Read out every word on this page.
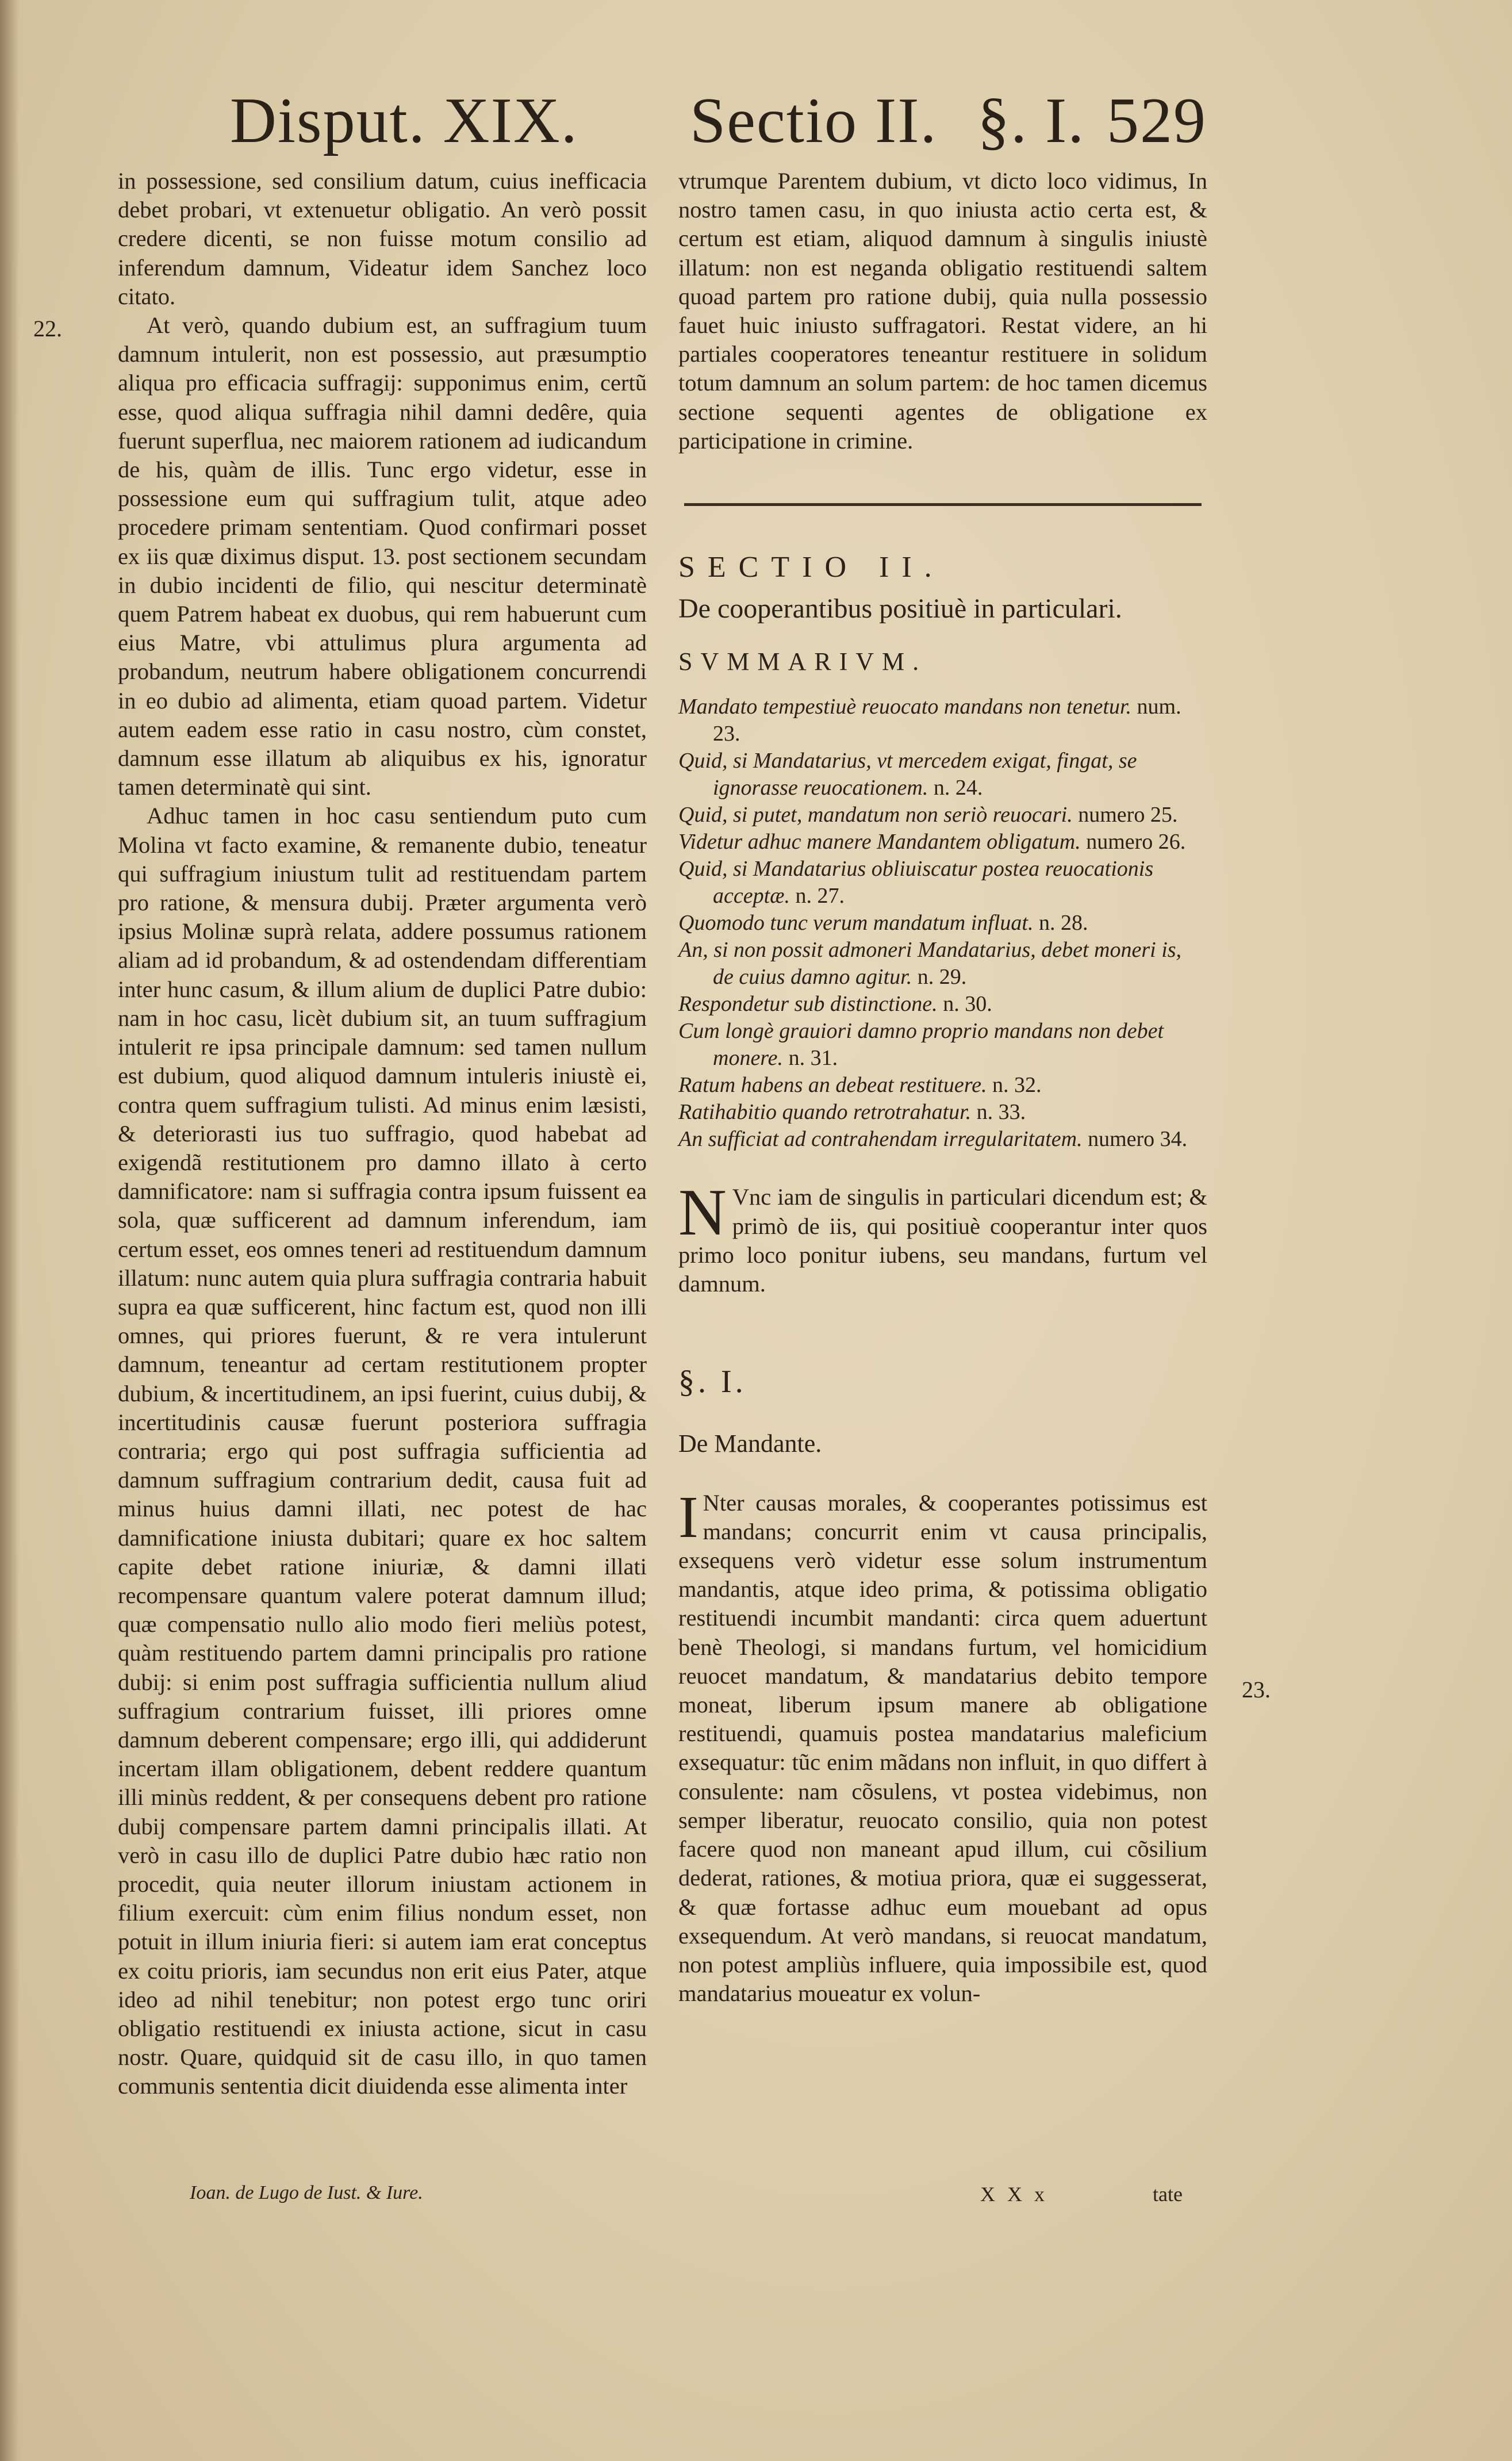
Disput. XIX. Sectio II. §. I. 529
22.

in possessione, sed consilium datum, cuius inefficacia debet probari, vt extenuetur obligatio. An verò possit credere dicenti, se non fuisse motum consilio ad inferendum damnum, Videatur idem Sanchez loco citato.

At verò, quando dubium est, an suffragium tuum damnum intulerit, non est possessio, aut præsumptio aliqua pro efficacia suffragij: supponimus enim, certũ esse, quod aliqua suffragia nihil damni dedêre, quia fuerunt superflua, nec maiorem rationem ad iudicandum de his, quàm de illis. Tunc ergo videtur, esse in possessione eum qui suffragium tulit, atque adeo procedere primam sententiam. Quod confirmari posset ex iis quæ diximus disput. 13. post sectionem secundam in dubio incidenti de filio, qui nescitur determinatè quem Patrem habeat ex duobus, qui rem habuerunt cum eius Matre, vbi attulimus plura argumenta ad probandum, neutrum habere obligationem concurrendi in eo dubio ad alimenta, etiam quoad partem. Videtur autem eadem esse ratio in casu nostro, cùm constet, damnum esse illatum ab aliquibus ex his, ignoratur tamen determinatè qui sint.

Adhuc tamen in hoc casu sentiendum puto cum Molina vt facto examine, & remanente dubio, teneatur qui suffragium iniustum tulit ad restituendam partem pro ratione, & mensura dubij. Præter argumenta verò ipsius Molinæ suprà relata, addere possumus rationem aliam ad id probandum, & ad ostendendam differentiam inter hunc casum, & illum alium de duplici Patre dubio: nam in hoc casu, licèt dubium sit, an tuum suffragium intulerit re ipsa principale damnum: sed tamen nullum est dubium, quod aliquod damnum intuleris iniustè ei, contra quem suffragium tulisti. Ad minus enim læsisti, & deteriorasti ius tuo suffragio, quod habebat ad exigendã restitutionem pro damno illato à certo damnificatore: nam si suffragia contra ipsum fuissent ea sola, quæ sufficerent ad damnum inferendum, iam certum esset, eos omnes teneri ad restituendum damnum illatum: nunc autem quia plura suffragia contraria habuit supra ea quæ sufficerent, hinc factum est, quod non illi omnes, qui priores fuerunt, & re vera intulerunt damnum, teneantur ad certam restitutionem propter dubium, & incertitudinem, an ipsi fuerint, cuius dubij, & incertitudinis causæ fuerunt posteriora suffragia contraria; ergo qui post suffragia sufficientia ad damnum suffragium contrarium dedit, causa fuit ad minus huius damni illati, nec potest de hac damnificatione iniusta dubitari; quare ex hoc saltem capite debet ratione iniuriæ, & damni illati recompensare quantum valere poterat damnum illud; quæ compensatio nullo alio modo fieri meliùs potest, quàm restituendo partem damni principalis pro ratione dubij: si enim post suffragia sufficientia nullum aliud suffragium contrarium fuisset, illi priores omne damnum deberent compensare; ergo illi, qui addiderunt incertam illam obligationem, debent reddere quantum illi minùs reddent, & per consequens debent pro ratione dubij compensare partem damni principalis illati. At verò in casu illo de duplici Patre dubio hæc ratio non procedit, quia neuter illorum iniustam actionem in filium exercuit: cùm enim filius nondum esset, non potuit in illum iniuria fieri: si autem iam erat conceptus ex coitu prioris, iam secundus non erit eius Pater, atque ideo ad nihil tenebitur; non potest ergo tunc oriri obligatio restituendi ex iniusta actione, sicut in casu nostr. Quare, quidquid sit de casu illo, in quo tamen communis sententia dicit diuidenda esse alimenta inter

Ioan. de Lugo de Iust. & Iure.

vtrumque Parentem dubium, vt dicto loco vidimus, In nostro tamen casu, in quo iniusta actio certa est, & certum est etiam, aliquod damnum à singulis iniustè illatum: non est neganda obligatio restituendi saltem quoad partem pro ratione dubij, quia nulla possessio fauet huic iniusto suffragatori. Restat videre, an hi partiales cooperatores teneantur restituere in solidum totum damnum an solum partem: de hoc tamen dicemus sectione sequenti agentes de obligatione ex participatione in crimine.

SECTIO II.

De cooperantibus positiuè in particulari.

SVMMARIVM.

Mandato tempestiuè reuocato mandans non tenetur. num. 23.

Quid, si Mandatarius, vt mercedem exigat, fingat, se ignorasse reuocationem. n. 24.

Quid, si putet, mandatum non seriò reuocari. numero 25.

Videtur adhuc manere Mandantem obligatum. numero 26.

Quid, si Mandatarius obliuiscatur postea reuocationis acceptæ. n. 27.

Quomodo tunc verum mandatum influat. n. 28.

An, si non possit admoneri Mandatarius, debet moneri is, de cuius damno agitur. n. 29.

Respondetur sub distinctione. n. 30.

Cum longè grauiori damno proprio mandans non debet monere. n. 31.

Ratum habens an debeat restituere. n. 32.

Ratihabitio quando retrotrahatur. n. 33.

An sufficiat ad contrahendam irregularitatem. numero 34.

N Vnc iam de singulis in particulari dicendum est; & primò de iis, qui positiuè cooperantur inter quos primo loco ponitur iubens, seu mandans, furtum vel damnum.

§. I.

De Mandante.

I Nter causas morales, & cooperantes potissimus est mandans; concurrit enim vt causa principalis, exsequens verò videtur esse solum instrumentum mandantis, atque ideo prima, & potissima obligatio restituendi incumbit mandanti: circa quem aduertunt benè Theologi, si mandans furtum, vel homicidium reuocet mandatum, & mandatarius debito tempore moneat, liberum ipsum manere ab obligatione restituendi, quamuis postea mandatarius maleficium exsequatur: tũc enim mãdans non influit, in quo differt à consulente: nam cõsulens, vt postea videbimus, non semper liberatur, reuocato consilio, quia non potest facere quod non maneant apud illum, cui cõsilium dederat, rationes, & motiua priora, quæ ei suggesserat, & quæ fortasse adhuc eum mouebant ad opus exsequendum. At verò mandans, si reuocat mandatum, non potest ampliùs influere, quia impossibile est, quod mandatarius moueatur ex volun-

23.
X X x	tate
